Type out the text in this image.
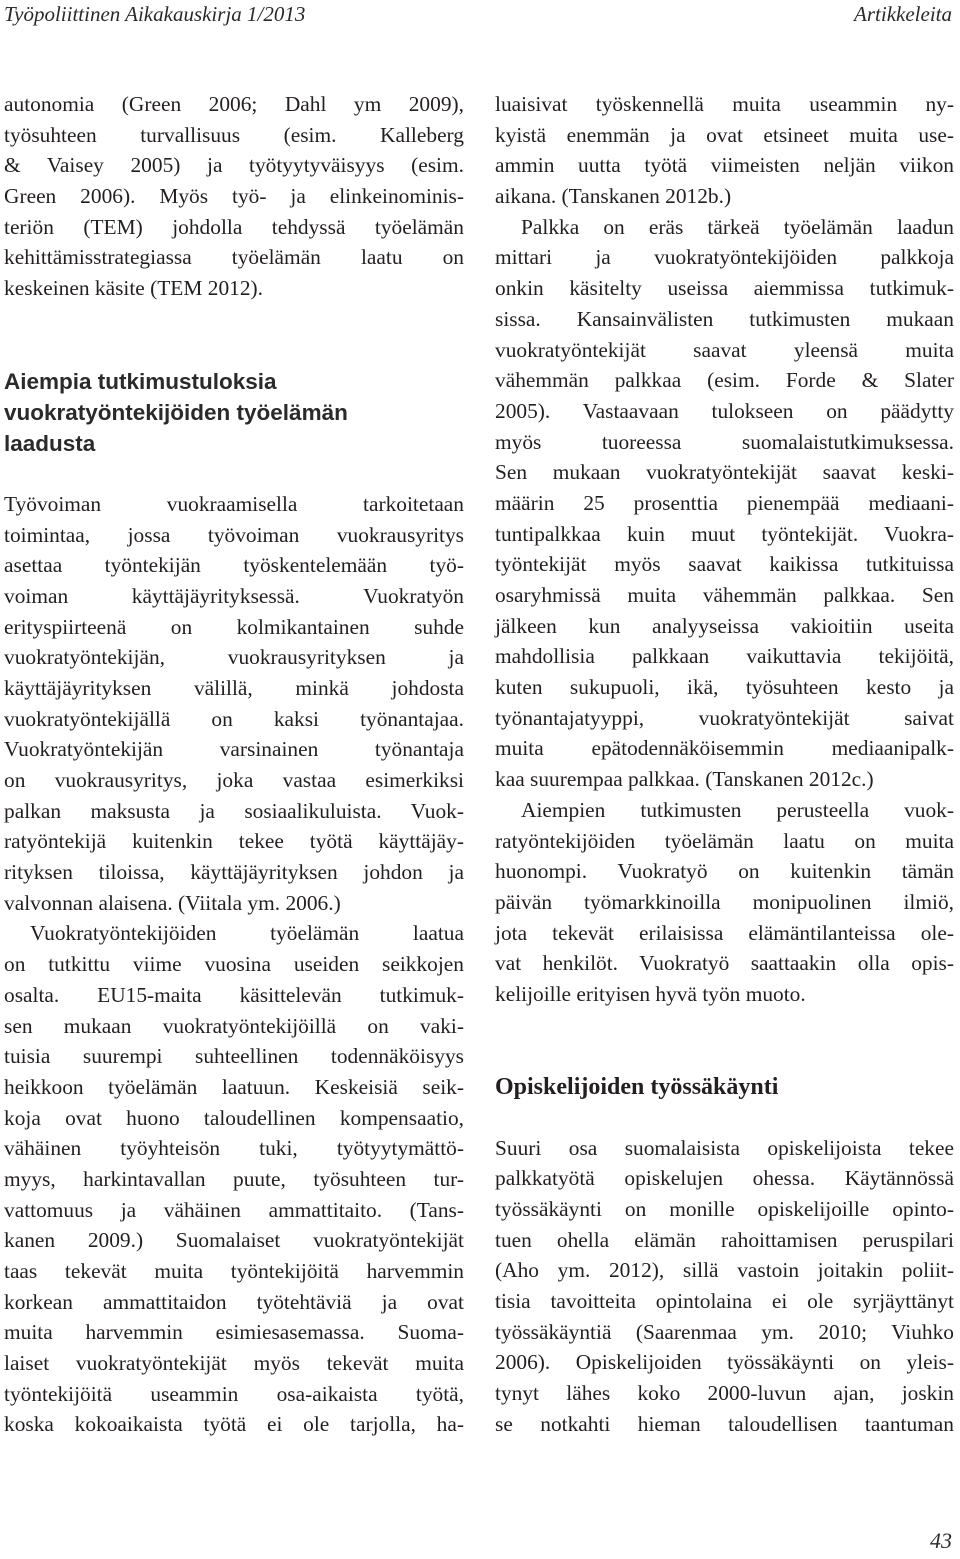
Työpoliittinen Aikakauskirja 1/2013	Artikkeleita
autonomia (Green 2006; Dahl ym 2009),
työsuhteen turvallisuus (esim. Kalleberg
& Vaisey 2005) ja työtyytyväisyys (esim.
Green 2006). Myös työ- ja elinkeinominis-
teriön (TEM) johdolla tehdyssä työelämän
kehittämisstrategiassa työelämän laatu on
keskeinen käsite (TEM 2012).
Aiempia tutkimustuloksia
vuokratyöntekijöiden työelämän
laadusta
Työvoiman vuokraamisella tarkoitetaan
toimintaa, jossa työvoiman vuokrausyritys
asettaa työntekijän työskentelemään työ-
voiman käyttäjäyrityksessä. Vuokratyön
erityspiirteenä on kolmikantainen suhde
vuokratyöntekijän, vuokrausyrityksen ja
käyttäjäyrityksen välillä, minkä johdosta
vuokratyöntekijällä on kaksi työnantajaa.
Vuokratyöntekijän varsinainen työnantaja
on vuokrausyritys, joka vastaa esimerkiksi
palkan maksusta ja sosiaalikuluista. Vuok-
ratyöntekijä kuitenkin tekee työtä käyttäjäy-
rityksen tiloissa, käyttäjäyrityksen johdon ja
valvonnan alaisena. (Viitala ym. 2006.)
Vuokratyöntekijöiden työelämän laatua
on tutkittu viime vuosina useiden seikkojen
osalta. EU15-maita käsittelevän tutkimuk-
sen mukaan vuokratyöntekijöillä on vaki-
tuisia suurempi suhteellinen todennäköisyys
heikkoon työelämän laatuun. Keskeisiä seik-
koja ovat huono taloudellinen kompensaatio,
vähäinen työyhteisön tuki, työtyytymättö-
myys, harkintavallan puute, työsuhteen tur-
vattomuus ja vähäinen ammattitaito. (Tans-
kanen 2009.) Suomalaiset vuokratyöntekijät
taas tekevät muita työntekijöitä harvemmin
korkean ammattitaidon työtehtäviä ja ovat
muita harvemmin esimiesasemassa. Suoma-
laiset vuokratyöntekijät myös tekevät muita
työntekijöitä useammin osa-aikaista työtä,
koska kokoaikaista työtä ei ole tarjolla, ha-
luaisivat työskennellä muita useammin ny-
kyistä enemmän ja ovat etsineet muita use-
ammin uutta työtä viimeisten neljän viikon
aikana. (Tanskanen 2012b.)
Palkka on eräs tärkeä työelämän laadun
mittari ja vuokratyöntekijöiden palkkoja
onkin käsitelty useissa aiemmissa tutkimuk-
sissa. Kansainvälisten tutkimusten mukaan
vuokratyöntekijät saavat yleensä muita
vähemmän palkkaa (esim. Forde & Slater
2005). Vastaavaan tulokseen on päädytty
myös tuoreessa suomalaistutkimuksessa.
Sen mukaan vuokratyöntekijät saavat keski-
määrin 25 prosenttia pienempää mediaani-
tuntipalkkaa kuin muut työntekijät. Vuokra-
työntekijät myös saavat kaikissa tutkituissa
osaryhmissä muita vähemmän palkkaa. Sen
jälkeen kun analyyseissa vakioitiin useita
mahdollisia palkkaan vaikuttavia tekijöitä,
kuten sukupuoli, ikä, työsuhteen kesto ja
työnantajatyyppi, vuokratyöntekijät saivat
muita epätodennäköisemmin mediaanipalk-
kaa suurempaa palkkaa. (Tanskanen 2012c.)
Aiempien tutkimusten perusteella vuok-
ratyöntekijöiden työelämän laatu on muita
huonompi. Vuokratyö on kuitenkin tämän
päivän työmarkkinoilla monipuolinen ilmiö,
jota tekevät erilaisissa elämäntilanteissa ole-
vat henkilöt. Vuokratyö saattaakin olla opis-
kelijoille erityisen hyvä työn muoto.
Opiskelijoiden työssäkäynti
Suuri osa suomalaisista opiskelijoista tekee
palkkatyötä opiskelujen ohessa. Käytännössä
työssäkäynti on monille opiskelijoille opinto-
tuen ohella elämän rahoittamisen peruspilari
(Aho ym. 2012), sillä vastoin joitakin poliit-
tisia tavoitteita opintolaina ei ole syrjäyttänyt
työssäkäyntiä (Saarenmaa ym. 2010; Viuhko
2006). Opiskelijoiden työssäkäynti on yleis-
tynyt lähes koko 2000-luvun ajan, joskin
se notkahti hieman taloudellisen taantuman
43
